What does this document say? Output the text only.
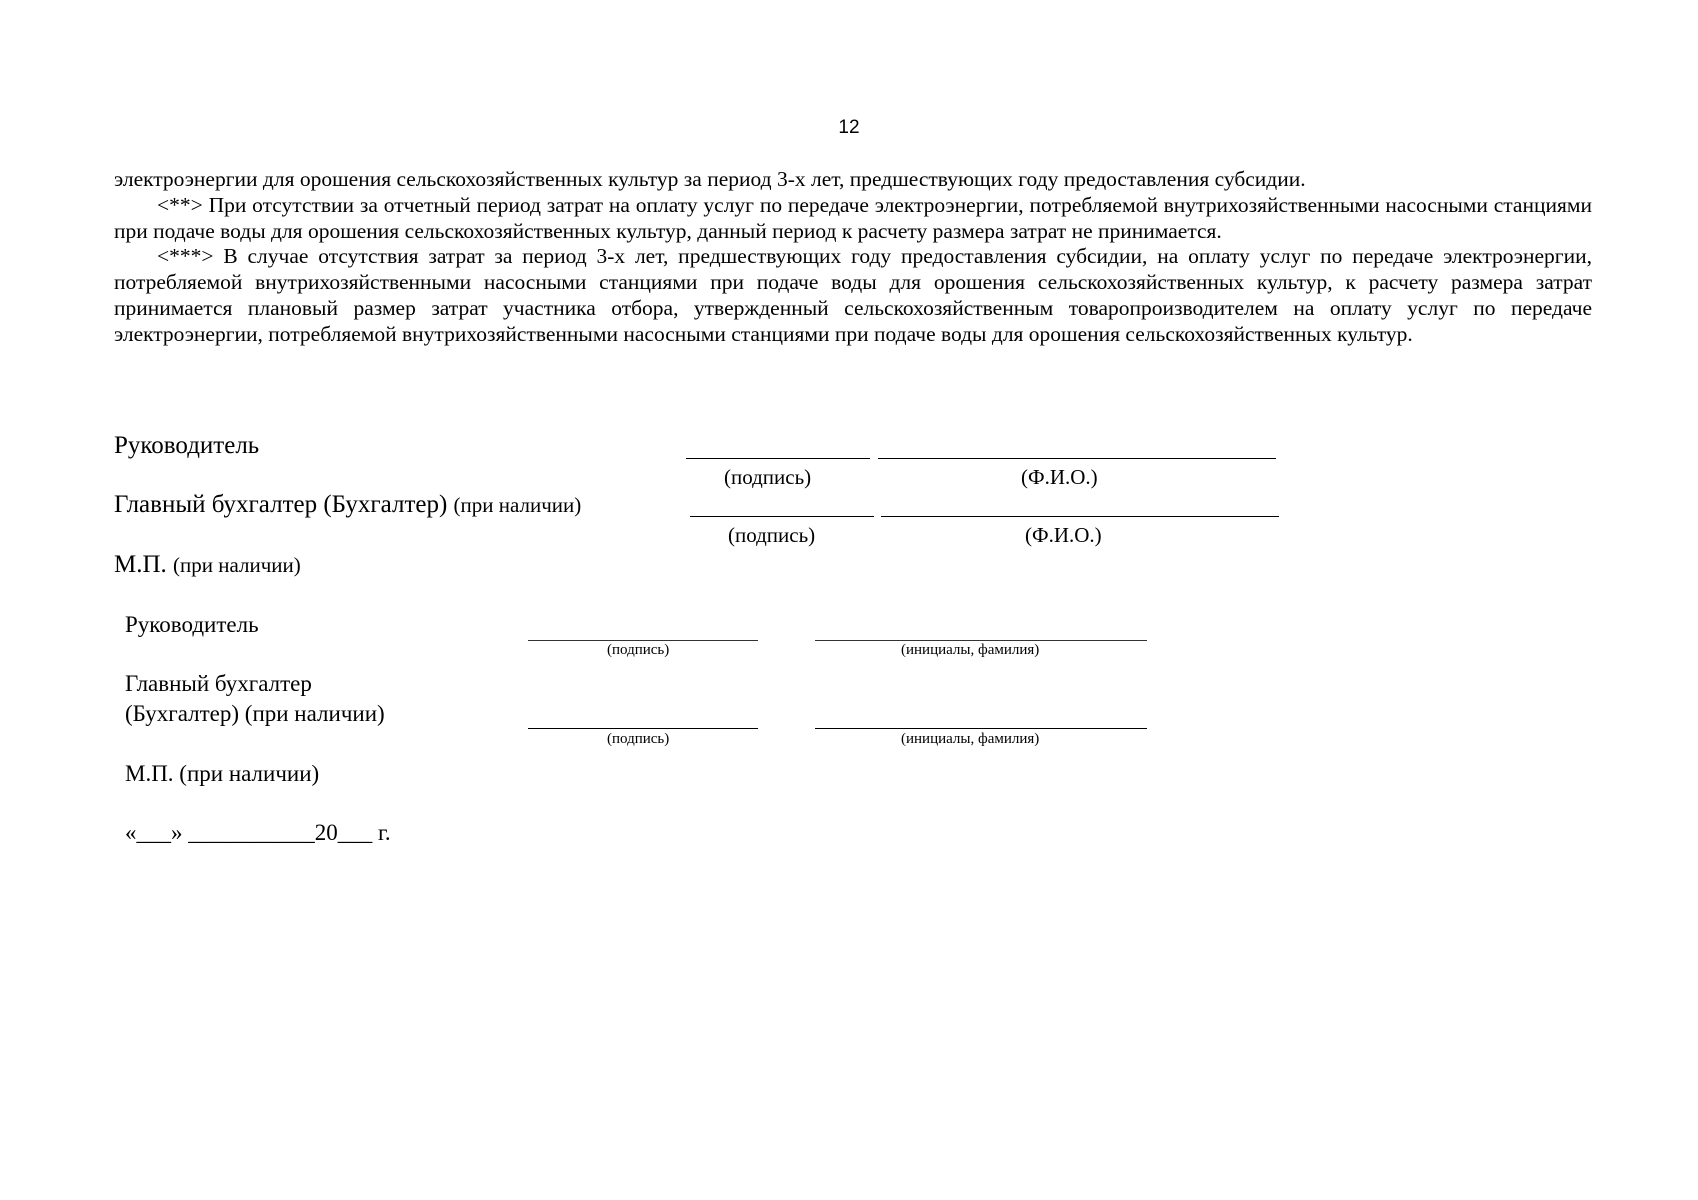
12

электроэнергии для орошения сельскохозяйственных культур за период 3-х лет, предшествующих году предоставления субсидии.

<**> При отсутствии за отчетный период затрат на оплату услуг по передаче электроэнергии, потребляемой внутрихозяйственными насосными станциями при подаче воды для орошения сельскохозяйственных культур, данный период к расчету размера затрат не принимается.

<***> В случае отсутствия затрат за период 3-х лет, предшествующих году предоставления субсидии, на оплату услуг по передаче электроэнергии, потребляемой внутрихозяйственными насосными станциями при подаче воды для орошения сельскохозяйственных культур, к расчету размера затрат принимается плановый размер затрат участника отбора, утвержденный сельскохозяйственным товаропроизводителем на оплату услуг по передаче электроэнергии, потребляемой внутрихозяйственными насосными станциями при подаче воды для орошения сельскохозяйственных культур.

Руководитель
(подпись)	(Ф.И.О.)
Главный бухгалтер (Бухгалтер) (при наличии)
(подпись)	(Ф.И.О.)
М.П. (при наличии)
Руководитель
(подпись)	(инициалы, фамилия)
Главный бухгалтер
(Бухгалтер) (при наличии)
(подпись)	(инициалы, фамилия)
М.П. (при наличии)
«___» ___________20___ г.
